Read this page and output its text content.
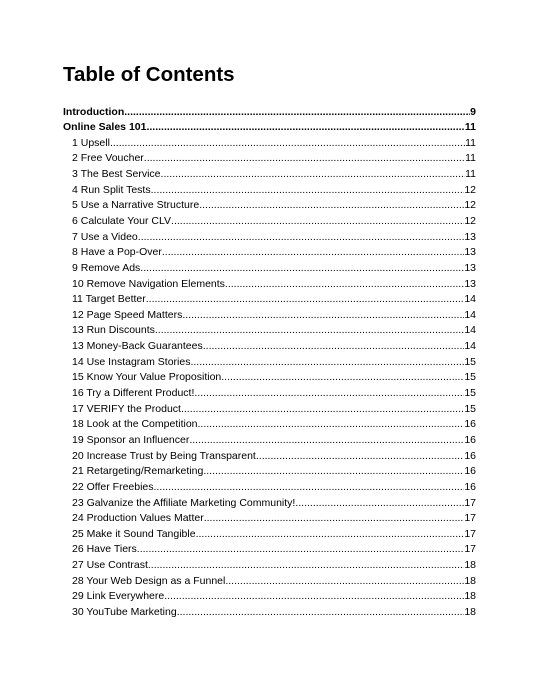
Table of Contents
Introduction .....	9
Online Sales 101 .....	11
1 Upsell .....	11
2 Free Voucher .....	11
3 The Best Service .....	11
4 Run Split Tests .....	12
5 Use a Narrative Structure .....	12
6 Calculate Your CLV .....	12
7 Use a Video .....	13
8 Have a Pop-Over .....	13
9 Remove Ads .....	13
10 Remove Navigation Elements .....	13
11 Target Better .....	14
12 Page Speed Matters .....	14
13 Run Discounts .....	14
13 Money-Back Guarantees .....	14
14 Use Instagram Stories .....	15
15 Know Your Value Proposition .....	15
16 Try a Different Product! .....	15
17 VERIFY the Product .....	15
18 Look at the Competition .....	16
19 Sponsor an Influencer .....	16
20 Increase Trust by Being Transparent .....	16
21 Retargeting/Remarketing .....	16
22 Offer Freebies .....	16
23 Galvanize the Affiliate Marketing Community! .....	17
24 Production Values Matter .....	17
25 Make it Sound Tangible .....	17
26 Have Tiers .....	17
27 Use Contrast .....	18
28 Your Web Design as a Funnel .....	18
29 Link Everywhere .....	18
30 YouTube Marketing .....	18
